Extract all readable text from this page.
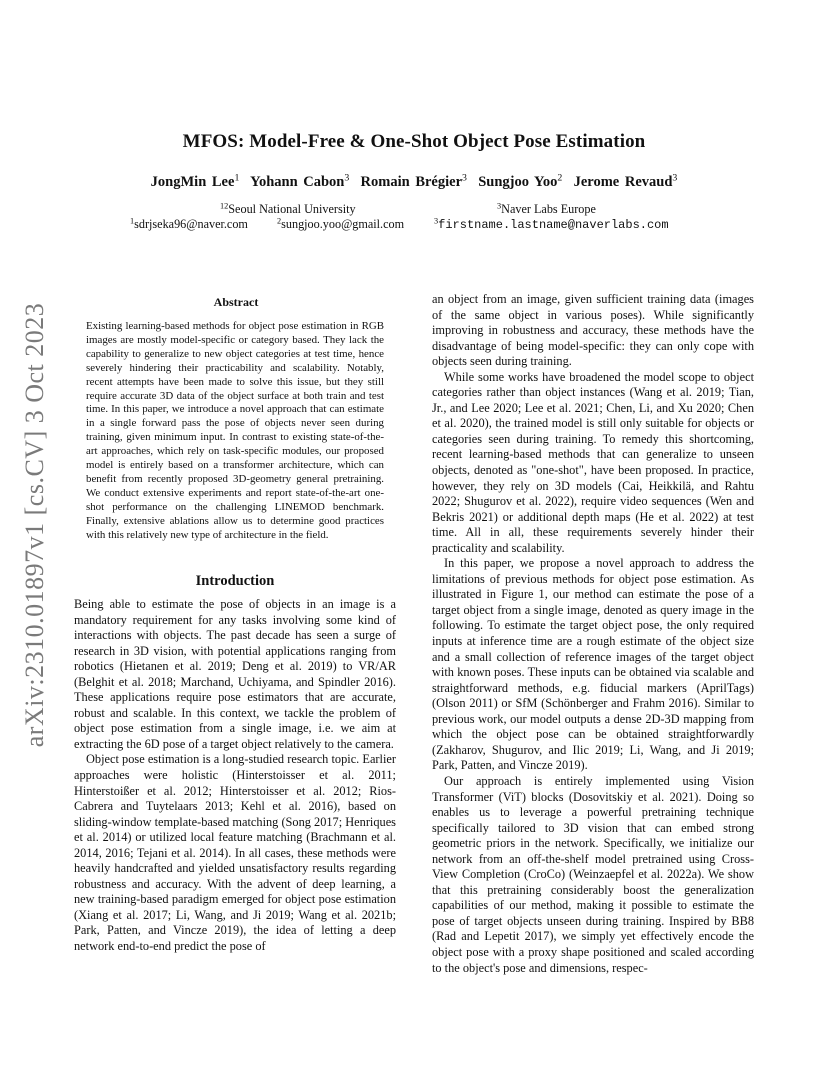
MFOS: Model-Free & One-Shot Object Pose Estimation
JongMin Lee$^1$ Yohann Cabon$^3$ Romain Brégier$^3$ Sungjoo Yoo$^2$ Jerome Revaud$^3$
$^{12}$Seoul National University	$^3$Naver Labs Europe
$^1$sdrjseka96@naver.com	$^2$sungjoo.yoo@gmail.com	$^3$firstname.lastname@naverlabs.com
arXiv:2310.01897v1 [cs.CV] 3 Oct 2023
Abstract

Existing learning-based methods for object pose estimation in RGB images are mostly model-specific or category based. They lack the capability to generalize to new object categories at test time, hence severely hindering their practicability and scalability. Notably, recent attempts have been made to solve this issue, but they still require accurate 3D data of the object surface at both train and test time. In this paper, we introduce a novel approach that can estimate in a single forward pass the pose of objects never seen during training, given minimum input. In contrast to existing state-of-the-art approaches, which rely on task-specific modules, our proposed model is entirely based on a transformer architecture, which can benefit from recently proposed 3D-geometry general pretraining. We conduct extensive experiments and report state-of-the-art one-shot performance on the challenging LINEMOD benchmark. Finally, extensive ablations allow us to determine good practices with this relatively new type of architecture in the field.

Introduction

Being able to estimate the pose of objects in an image is a mandatory requirement for any tasks involving some kind of interactions with objects. The past decade has seen a surge of research in 3D vision, with potential applications ranging from robotics (Hietanen et al. 2019; Deng et al. 2019) to VR/AR (Belghit et al. 2018; Marchand, Uchiyama, and Spindler 2016). These applications require pose estimators that are accurate, robust and scalable. In this context, we tackle the problem of object pose estimation from a single image, i.e. we aim at extracting the 6D pose of a target object relatively to the camera.

Object pose estimation is a long-studied research topic. Earlier approaches were holistic (Hinterstoisser et al. 2011; Hinterstoißer et al. 2012; Hinterstoisser et al. 2012; Rios-Cabrera and Tuytelaars 2013; Kehl et al. 2016), based on sliding-window template-based matching (Song 2017; Henriques et al. 2014) or utilized local feature matching (Brachmann et al. 2014, 2016; Tejani et al. 2014). In all cases, these methods were heavily handcrafted and yielded unsatisfactory results regarding robustness and accuracy. With the advent of deep learning, a new training-based paradigm emerged for object pose estimation (Xiang et al. 2017; Li, Wang, and Ji 2019; Wang et al. 2021b; Park, Patten, and Vincze 2019), the idea of letting a deep network end-to-end predict the pose of

an object from an image, given sufficient training data (images of the same object in various poses). While significantly improving in robustness and accuracy, these methods have the disadvantage of being model-specific: they can only cope with objects seen during training.

While some works have broadened the model scope to object categories rather than object instances (Wang et al. 2019; Tian, Jr., and Lee 2020; Lee et al. 2021; Chen, Li, and Xu 2020; Chen et al. 2020), the trained model is still only suitable for objects or categories seen during training. To remedy this shortcoming, recent learning-based methods that can generalize to unseen objects, denoted as "one-shot", have been proposed. In practice, however, they rely on 3D models (Cai, Heikkilä, and Rahtu 2022; Shugurov et al. 2022), require video sequences (Wen and Bekris 2021) or additional depth maps (He et al. 2022) at test time. All in all, these requirements severely hinder their practicality and scalability.

In this paper, we propose a novel approach to address the limitations of previous methods for object pose estimation. As illustrated in Figure 1, our method can estimate the pose of a target object from a single image, denoted as query image in the following. To estimate the target object pose, the only required inputs at inference time are a rough estimate of the object size and a small collection of reference images of the target object with known poses. These inputs can be obtained via scalable and straightforward methods, e.g. fiducial markers (AprilTags) (Olson 2011) or SfM (Schönberger and Frahm 2016). Similar to previous work, our model outputs a dense 2D-3D mapping from which the object pose can be obtained straightforwardly (Zakharov, Shugurov, and Ilic 2019; Li, Wang, and Ji 2019; Park, Patten, and Vincze 2019).

Our approach is entirely implemented using Vision Transformer (ViT) blocks (Dosovitskiy et al. 2021). Doing so enables us to leverage a powerful pretraining technique specifically tailored to 3D vision that can embed strong geometric priors in the network. Specifically, we initialize our network from an off-the-shelf model pretrained using Cross-View Completion (CroCo) (Weinzaepfel et al. 2022a). We show that this pretraining considerably boost the generalization capabilities of our method, making it possible to estimate the pose of target objects unseen during training. Inspired by BB8 (Rad and Lepetit 2017), we simply yet effectively encode the object pose with a proxy shape positioned and scaled according to the object's pose and dimensions, respec-
